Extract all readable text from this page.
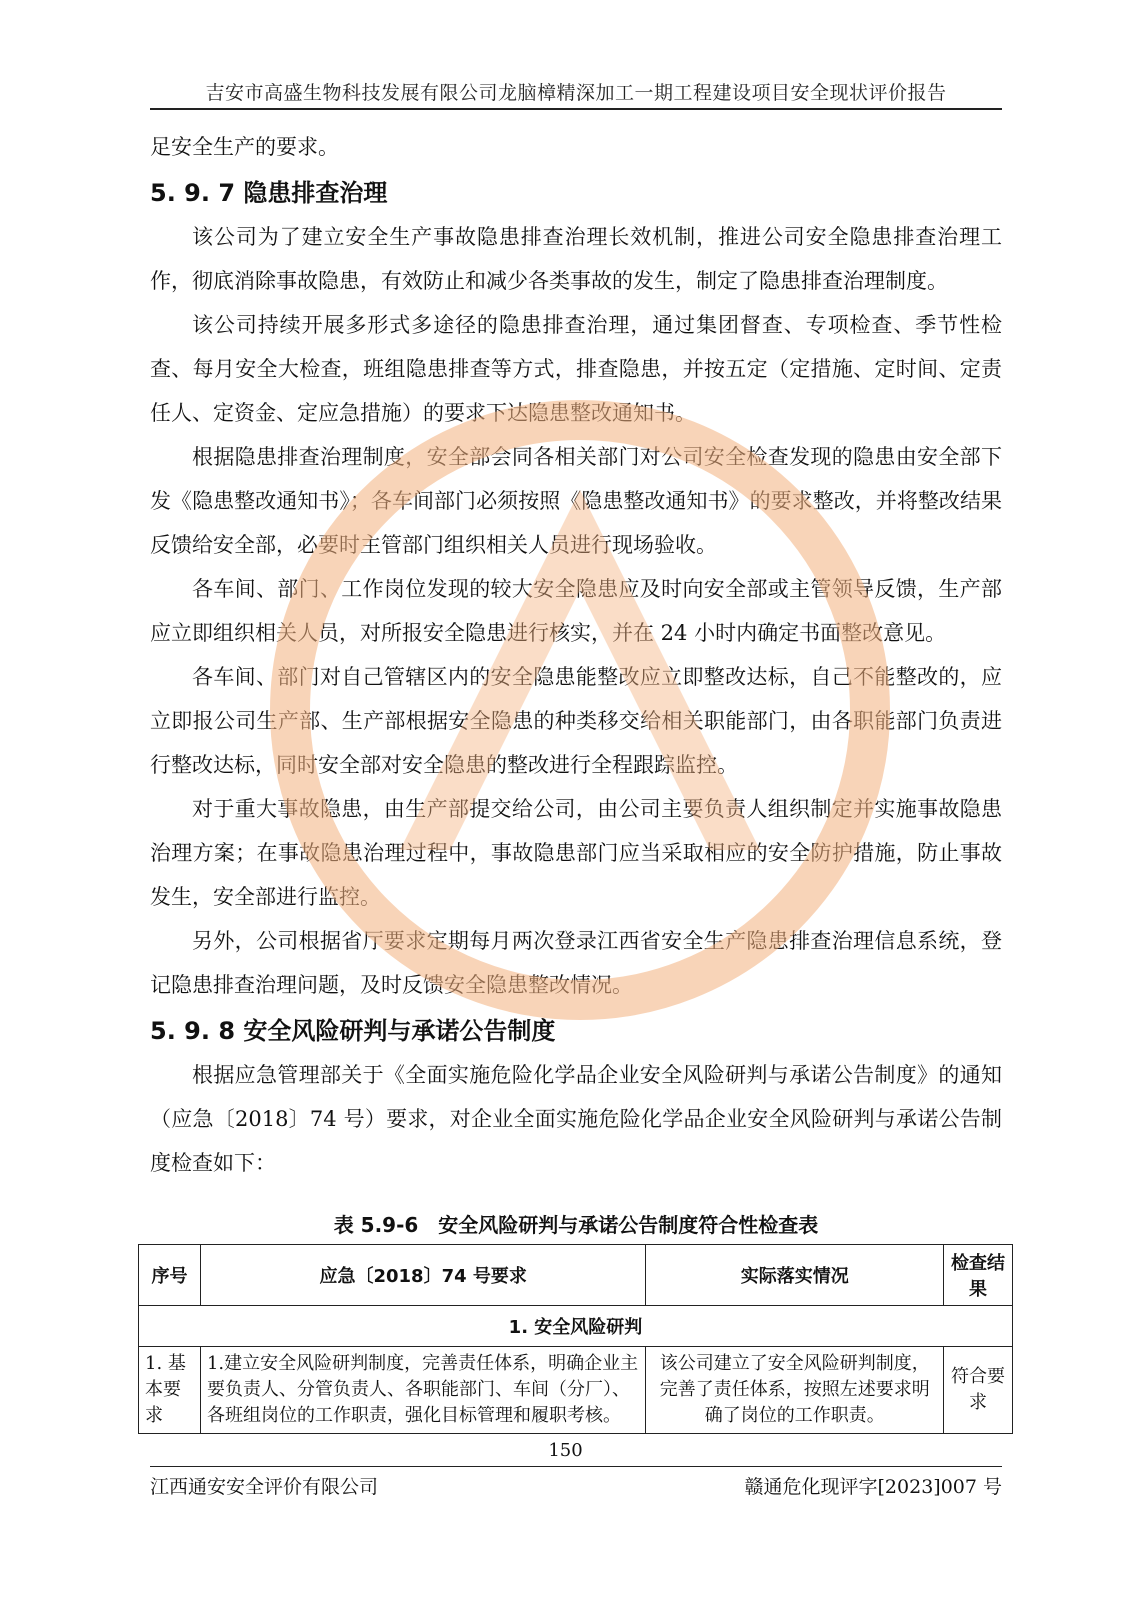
吉安市高盛生物科技发展有限公司龙脑樟精深加工一期工程建设项目安全现状评价报告

足安全生产的要求。

5. 9. 7 隐患排查治理

该公司为了建立安全生产事故隐患排查治理长效机制，推进公司安全隐患排查治理工作，彻底消除事故隐患，有效防止和减少各类事故的发生，制定了隐患排查治理制度。

该公司持续开展多形式多途径的隐患排查治理，通过集团督查、专项检查、季节性检查、每月安全大检查，班组隐患排查等方式，排查隐患，并按五定（定措施、定时间、定责任人、定资金、定应急措施）的要求下达隐患整改通知书。

根据隐患排查治理制度，安全部会同各相关部门对公司安全检查发现的隐患由安全部下发《隐患整改通知书》；各车间部门必须按照《隐患整改通知书》的要求整改，并将整改结果反馈给安全部，必要时主管部门组织相关人员进行现场验收。

各车间、部门、工作岗位发现的较大安全隐患应及时向安全部或主管领导反馈，生产部应立即组织相关人员，对所报安全隐患进行核实，并在 24 小时内确定书面整改意见。

各车间、部门对自己管辖区内的安全隐患能整改应立即整改达标，自己不能整改的，应立即报公司生产部、生产部根据安全隐患的种类移交给相关职能部门，由各职能部门负责进行整改达标，同时安全部对安全隐患的整改进行全程跟踪监控。

对于重大事故隐患，由生产部提交给公司，由公司主要负责人组织制定并实施事故隐患治理方案；在事故隐患治理过程中，事故隐患部门应当采取相应的安全防护措施，防止事故发生，安全部进行监控。

另外，公司根据省厅要求定期每月两次登录江西省安全生产隐患排查治理信息系统，登记隐患排查治理问题，及时反馈安全隐患整改情况。

5. 9. 8 安全风险研判与承诺公告制度

根据应急管理部关于《全面实施危险化学品企业安全风险研判与承诺公告制度》的通知（应急〔2018〕74 号）要求，对企业全面实施危险化学品企业安全风险研判与承诺公告制度检查如下：

表 5.9-6　安全风险研判与承诺公告制度符合性检查表
序号	应急〔2018〕74 号要求	实际落实情况	检查结果
1. 安全风险研判			
1. 基本要求	1.建立安全风险研判制度，完善责任体系，明确企业主要负责人、分管负责人、各职能部门、车间（分厂）、各班组岗位的工作职责，强化目标管理和履职考核。	该公司建立了安全风险研判制度，完善了责任体系，按照左述要求明确了岗位的工作职责。	符合要求
150
江西通安安全评价有限公司	赣通危化现评字[2023]007 号
